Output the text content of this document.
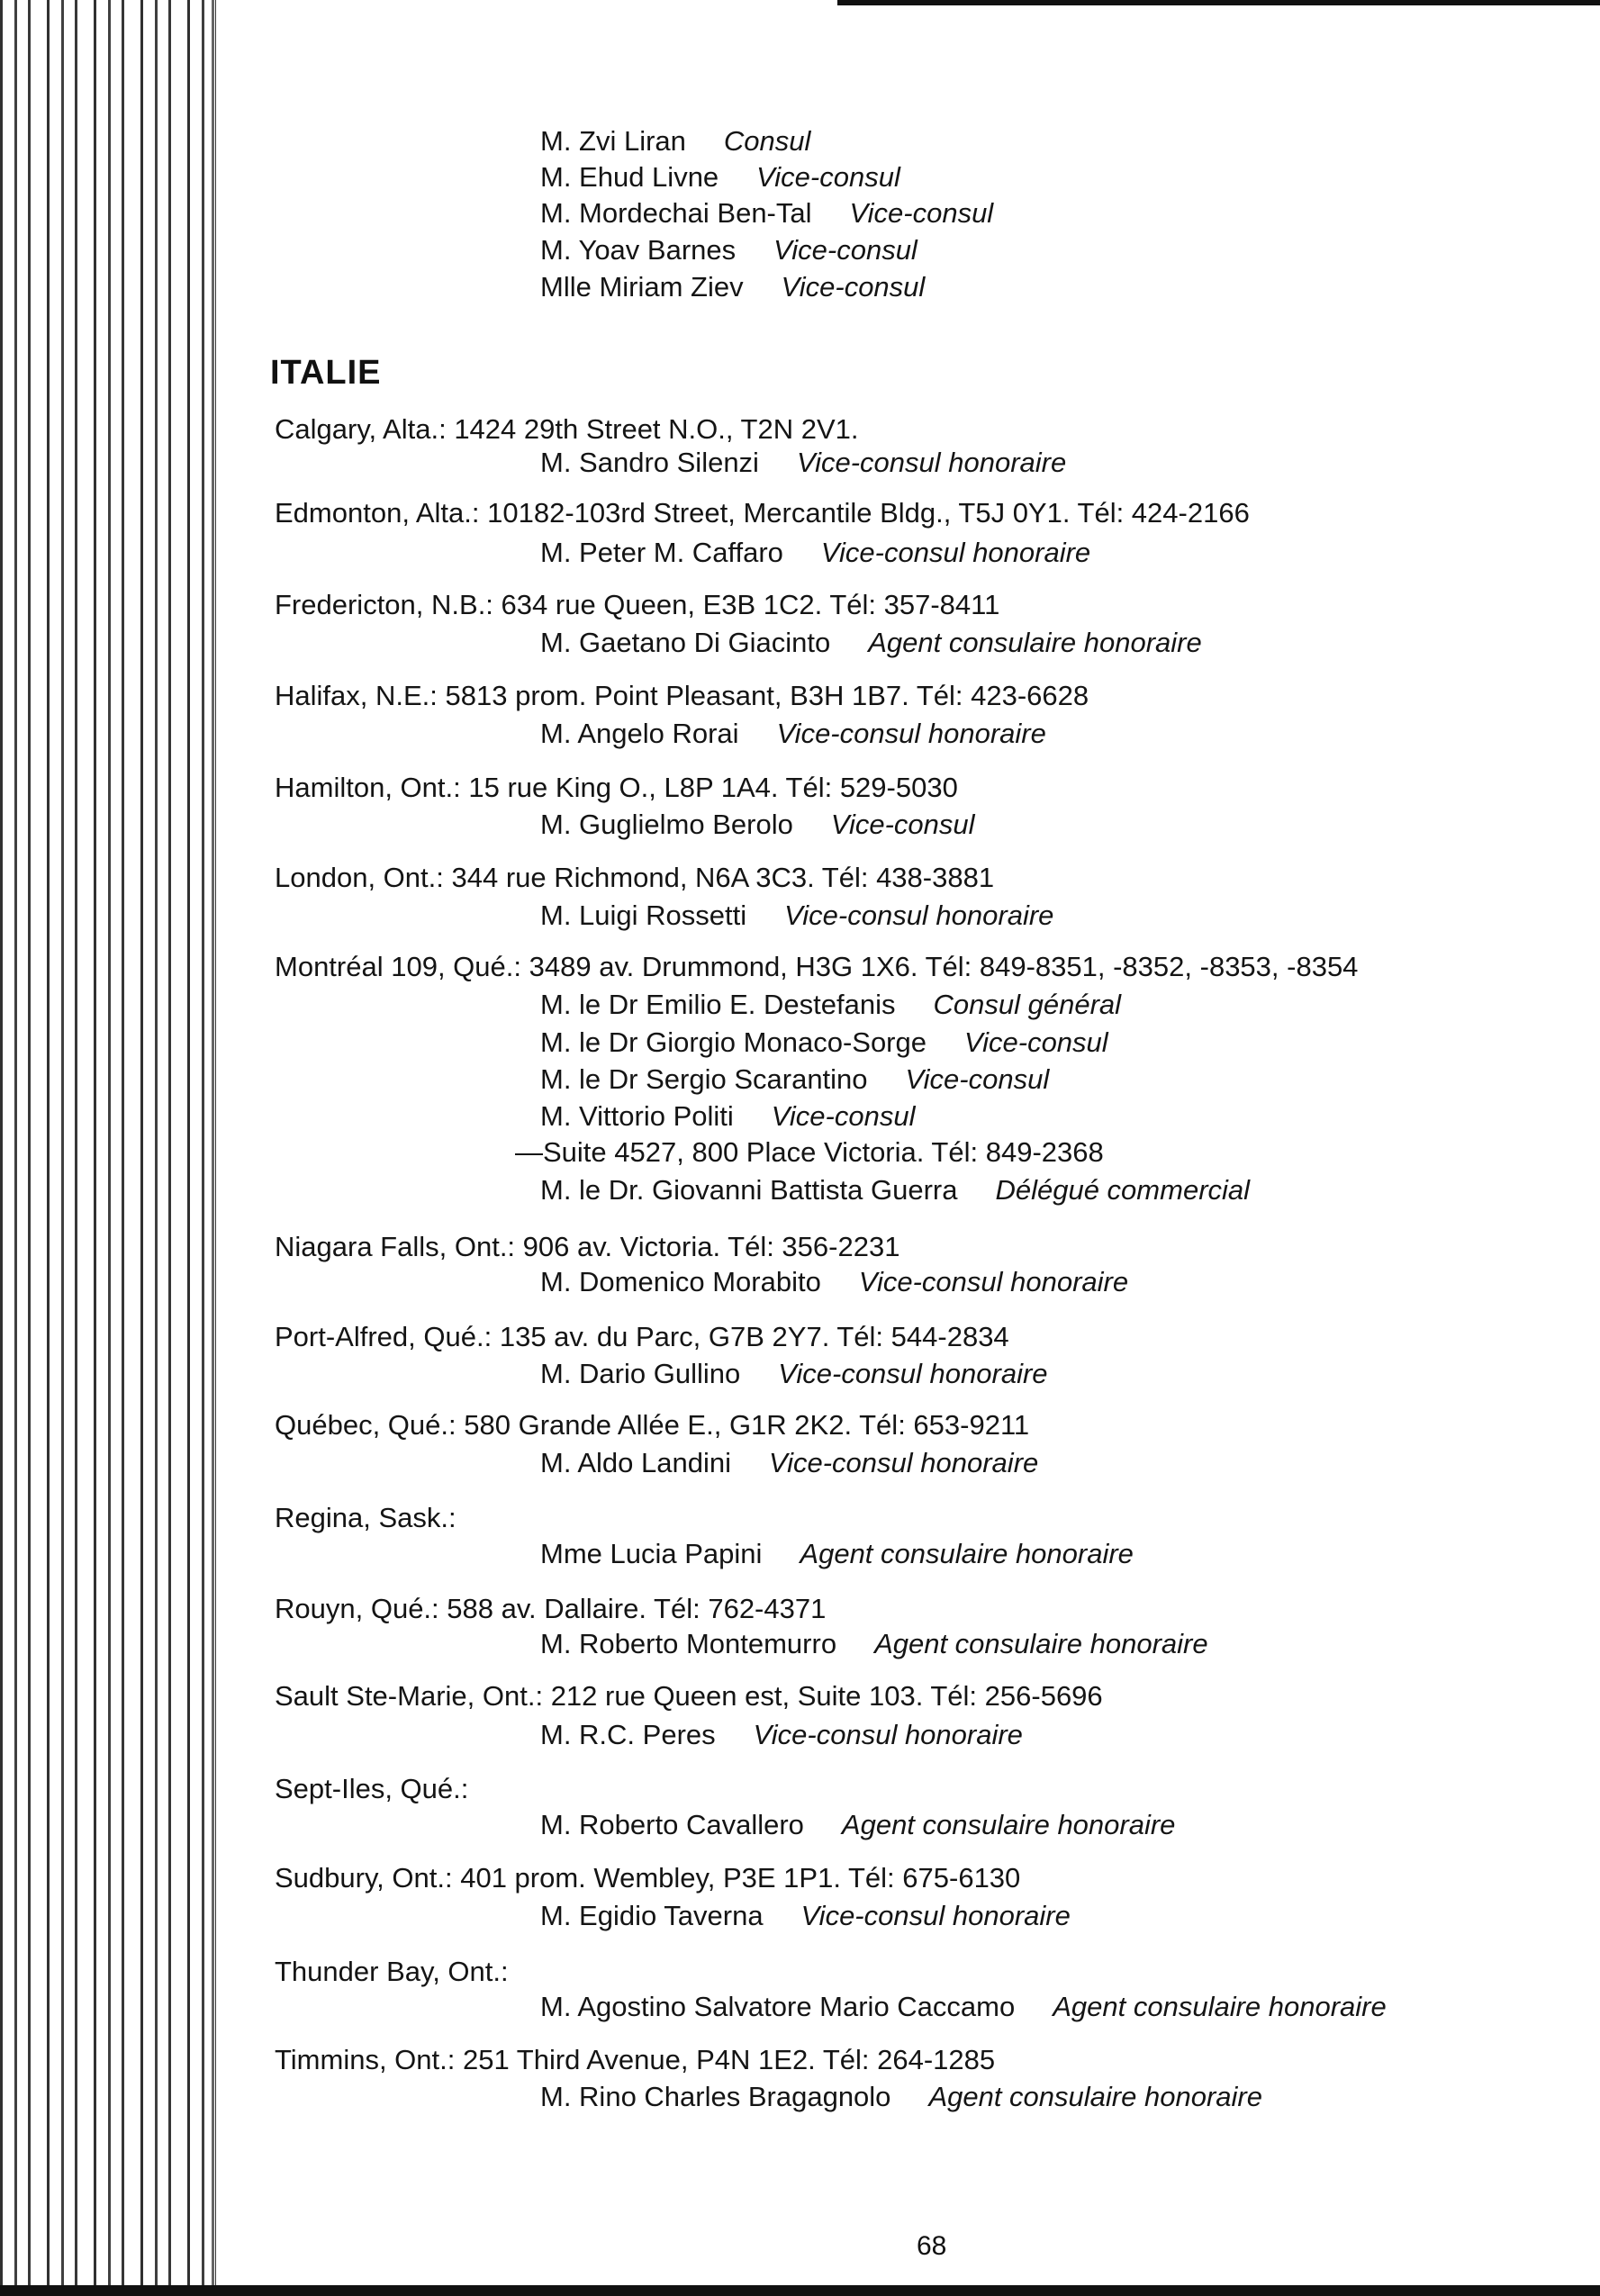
M. Zvi Liran Consul
M. Ehud Livne Vice-consul
M. Mordechai Ben-Tal Vice-consul
M. Yoav Barnes Vice-consul
Mlle Miriam Ziev Vice-consul
ITALIE
Calgary, Alta.: 1424 29th Street N.O., T2N 2V1.
M. Sandro Silenzi Vice-consul honoraire
Edmonton, Alta.: 10182-103rd Street, Mercantile Bldg., T5J 0Y1. Tél: 424-2166
M. Peter M. Caffaro Vice-consul honoraire
Fredericton, N.B.: 634 rue Queen, E3B 1C2. Tél: 357-8411
M. Gaetano Di Giacinto Agent consulaire honoraire
Halifax, N.E.: 5813 prom. Point Pleasant, B3H 1B7. Tél: 423-6628
M. Angelo Rorai Vice-consul honoraire
Hamilton, Ont.: 15 rue King O., L8P 1A4. Tél: 529-5030
M. Guglielmo Berolo Vice-consul
London, Ont.: 344 rue Richmond, N6A 3C3. Tél: 438-3881
M. Luigi Rossetti Vice-consul honoraire
Montréal 109, Qué.: 3489 av. Drummond, H3G 1X6. Tél: 849-8351, -8352, -8353, -8354
M. le Dr Emilio E. Destefanis Consul général
M. le Dr Giorgio Monaco-Sorge Vice-consul
M. le Dr Sergio Scarantino Vice-consul
M. Vittorio Politi Vice-consul
—Suite 4527, 800 Place Victoria. Tél: 849-2368
M. le Dr. Giovanni Battista Guerra Délégué commercial
Niagara Falls, Ont.: 906 av. Victoria. Tél: 356-2231
M. Domenico Morabito Vice-consul honoraire
Port-Alfred, Qué.: 135 av. du Parc, G7B 2Y7. Tél: 544-2834
M. Dario Gullino Vice-consul honoraire
Québec, Qué.: 580 Grande Allée E., G1R 2K2. Tél: 653-9211
M. Aldo Landini Vice-consul honoraire
Regina, Sask.:
Mme Lucia Papini Agent consulaire honoraire
Rouyn, Qué.: 588 av. Dallaire. Tél: 762-4371
M. Roberto Montemurro Agent consulaire honoraire
Sault Ste-Marie, Ont.: 212 rue Queen est, Suite 103. Tél: 256-5696
M. R.C. Peres Vice-consul honoraire
Sept-Iles, Qué.:
M. Roberto Cavallero Agent consulaire honoraire
Sudbury, Ont.: 401 prom. Wembley, P3E 1P1. Tél: 675-6130
M. Egidio Taverna Vice-consul honoraire
Thunder Bay, Ont.:
M. Agostino Salvatore Mario Caccamo Agent consulaire honoraire
Timmins, Ont.: 251 Third Avenue, P4N 1E2. Tél: 264-1285
M. Rino Charles Bragagnolo Agent consulaire honoraire
68
